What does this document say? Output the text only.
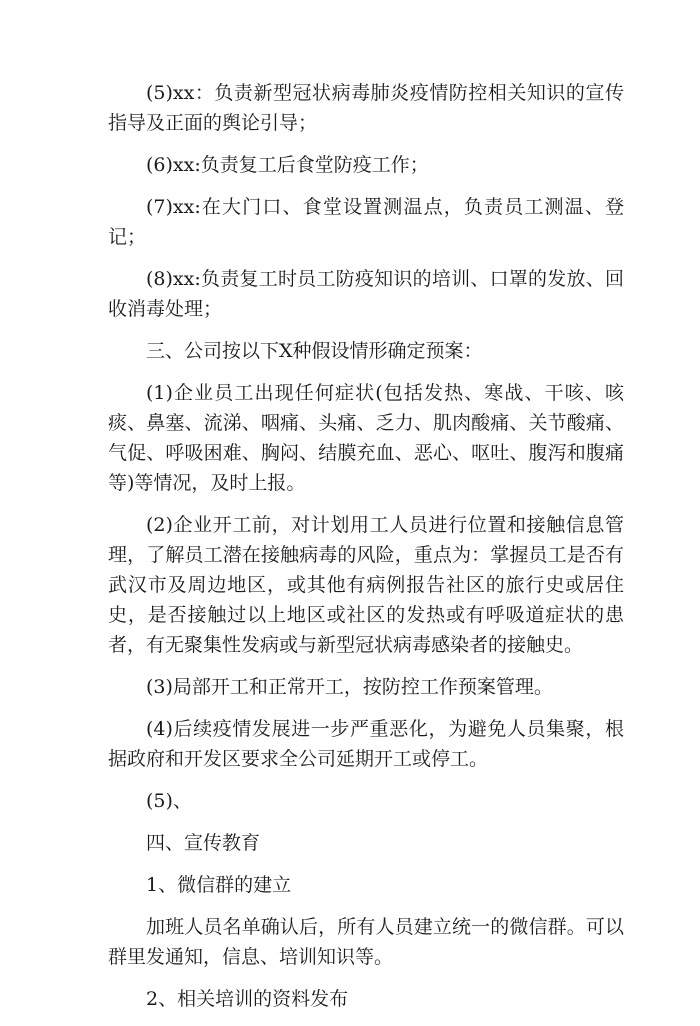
(5)xx：负责新型冠状病毒肺炎疫情防控相关知识的宣传指导及正面的舆论引导；

(6)xx:负责复工后食堂防疫工作；

(7)xx:在大门口、食堂设置测温点，负责员工测温、登记；

(8)xx:负责复工时员工防疫知识的培训、口罩的发放、回收消毒处理；

三、公司按以下X种假设情形确定预案：

(1)企业员工出现任何症状(包括发热、寒战、干咳、咳痰、鼻塞、流涕、咽痛、头痛、乏力、肌肉酸痛、关节酸痛、气促、呼吸困难、胸闷、结膜充血、恶心、呕吐、腹泻和腹痛等)等情况，及时上报。

(2)企业开工前，对计划用工人员进行位置和接触信息管理，了解员工潜在接触病毒的风险，重点为：掌握员工是否有武汉市及周边地区，或其他有病例报告社区的旅行史或居住史，是否接触过以上地区或社区的发热或有呼吸道症状的患者，有无聚集性发病或与新型冠状病毒感染者的接触史。

(3)局部开工和正常开工，按防控工作预案管理。

(4)后续疫情发展进一步严重恶化，为避免人员集聚，根据政府和开发区要求全公司延期开工或停工。

(5)、

四、宣传教育

1、微信群的建立

加班人员名单确认后，所有人员建立统一的微信群。可以群里发通知，信息、培训知识等。

2、相关培训的资料发布
